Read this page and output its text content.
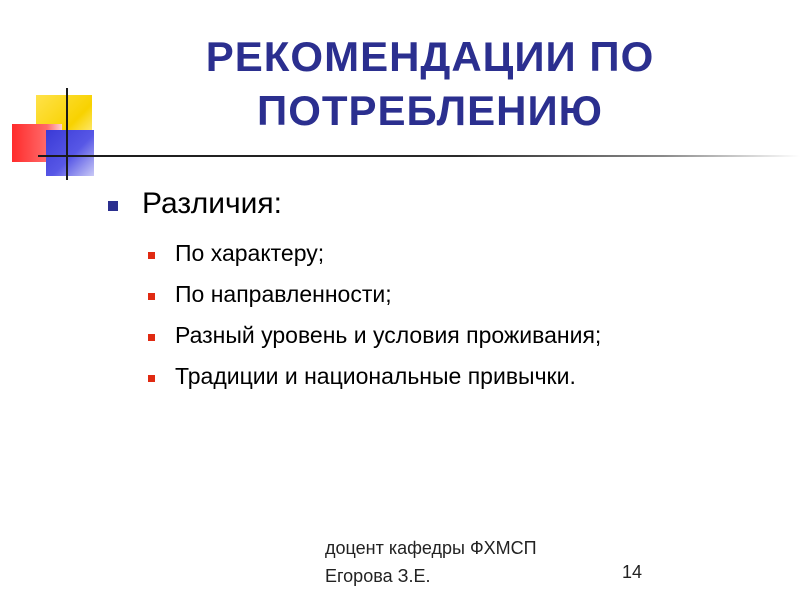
РЕКОМЕНДАЦИИ ПО
ПОТРЕБЛЕНИЮ
Различия:
По характеру;
По направленности;
Разный уровень и условия проживания;
Традиции и национальные привычки.
доцент кафедры ФХМСП
Егорова З.Е.	14
